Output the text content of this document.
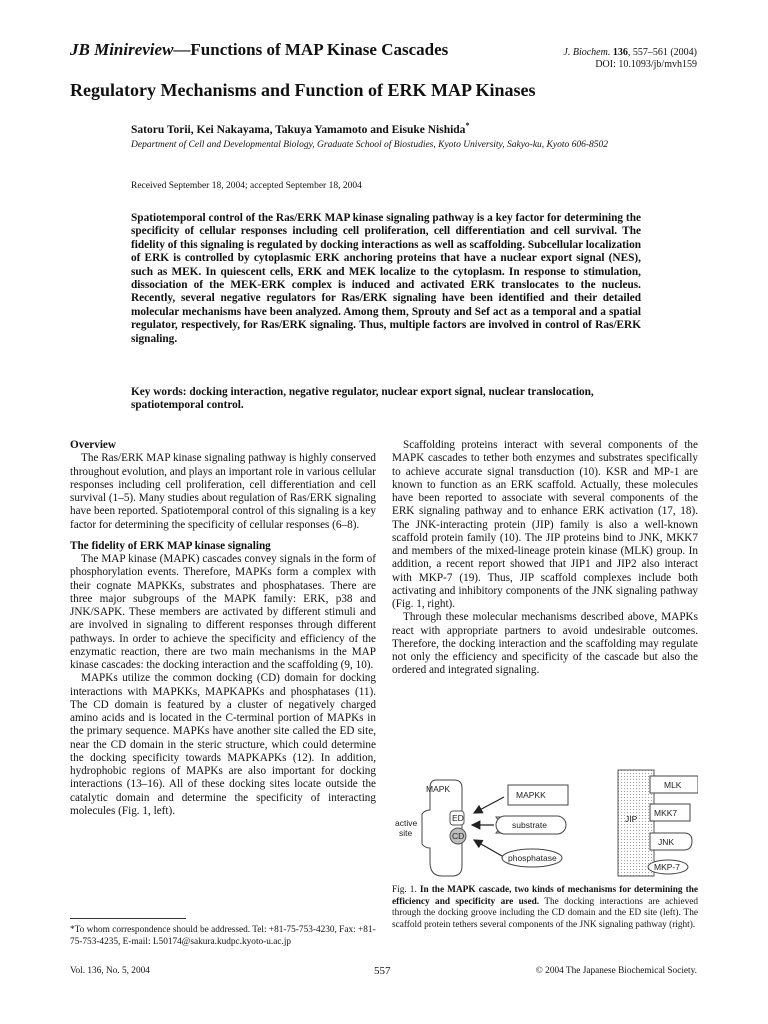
JB Minireview—Functions of MAP Kinase Cascades	J. Biochem. 136, 557–561 (2004)
DOI: 10.1093/jb/mvh159
Regulatory Mechanisms and Function of ERK MAP Kinases
Satoru Torii, Kei Nakayama, Takuya Yamamoto and Eisuke Nishida*
Department of Cell and Developmental Biology, Graduate School of Biostudies, Kyoto University, Sakyo-ku, Kyoto 606-8502
Received September 18, 2004; accepted September 18, 2004
Spatiotemporal control of the Ras/ERK MAP kinase signaling pathway is a key factor for determining the specificity of cellular responses including cell proliferation, cell differentiation and cell survival. The fidelity of this signaling is regulated by docking interactions as well as scaffolding. Subcellular localization of ERK is controlled by cytoplasmic ERK anchoring proteins that have a nuclear export signal (NES), such as MEK. In quiescent cells, ERK and MEK localize to the cytoplasm. In response to stimulation, dissociation of the MEK-ERK complex is induced and activated ERK translocates to the nucleus. Recently, several negative regulators for Ras/ERK signaling have been identified and their detailed molecular mechanisms have been analyzed. Among them, Sprouty and Sef act as a temporal and a spatial regulator, respectively, for Ras/ERK signaling. Thus, multiple factors are involved in control of Ras/ERK signaling.
Key words: docking interaction, negative regulator, nuclear export signal, nuclear translocation, spatiotemporal control.
Overview

The Ras/ERK MAP kinase signaling pathway is highly conserved throughout evolution, and plays an important role in various cellular responses including cell proliferation, cell differentiation and cell survival (1–5). Many studies about regulation of Ras/ERK signaling have been reported. Spatiotemporal control of this signaling is a key factor for determining the specificity of cellular responses (6–8).

The fidelity of ERK MAP kinase signaling

The MAP kinase (MAPK) cascades convey signals in the form of phosphorylation events. Therefore, MAPKs form a complex with their cognate MAPKKs, substrates and phosphatases. There are three major subgroups of the MAPK family: ERK, p38 and JNK/SAPK. These members are activated by different stimuli and are involved in signaling to different responses through different pathways. In order to achieve the specificity and efficiency of the enzymatic reaction, there are two main mechanisms in the MAP kinase cascades: the docking interaction and the scaffolding (9, 10).

MAPKs utilize the common docking (CD) domain for docking interactions with MAPKKs, MAPKAPKs and phosphatases (11). The CD domain is featured by a cluster of negatively charged amino acids and is located in the C-terminal portion of MAPKs in the primary sequence. MAPKs have another site called the ED site, near the CD domain in the steric structure, which could determine the docking specificity towards MAPKAPKs (12). In addition, hydrophobic regions of MAPKs are also important for docking interactions (13–16). All of these docking sites locate outside the catalytic domain and determine the specificity of interacting molecules (Fig. 1, left).

Scaffolding proteins interact with several components of the MAPK cascades to tether both enzymes and substrates specifically to achieve accurate signal transduction (10). KSR and MP-1 are known to function as an ERK scaffold. Actually, these molecules have been reported to associate with several components of the ERK signaling pathway and to enhance ERK activation (17, 18). The JNK-interacting protein (JIP) family is also a well-known scaffold protein family (10). The JIP proteins bind to JNK, MKK7 and members of the mixed-lineage protein kinase (MLK) group. In addition, a recent report showed that JIP1 and JIP2 also interact with MKP-7 (19). Thus, JIP scaffold complexes include both activating and inhibitory components of the JNK signaling pathway (Fig. 1, right).

Through these molecular mechanisms described above, MAPKs react with appropriate partners to avoid undesirable outcomes. Therefore, the docking interaction and the scaffolding may regulate not only the efficiency and specificity of the cascade but also the ordered and integrated signaling.

MAPK
active
site
ED
CD
MAPKK
substrate
phosphatase
JIP
MLK
MKK7
JNK
MKP-7
Fig. 1. In the MAPK cascade, two kinds of mechanisms for determining the efficiency and specificity are used. The docking interactions are achieved through the docking groove including the CD domain and the ED site (left). The scaffold protein tethers several components of the JNK signaling pathway (right).
*To whom correspondence should be addressed. Tel: +81-75-753-4230, Fax: +81-75-753-4235, E-mail: L50174@sakura.kudpc.kyoto-u.ac.jp
Vol. 136, No. 5, 2004	557	© 2004 The Japanese Biochemical Society.
